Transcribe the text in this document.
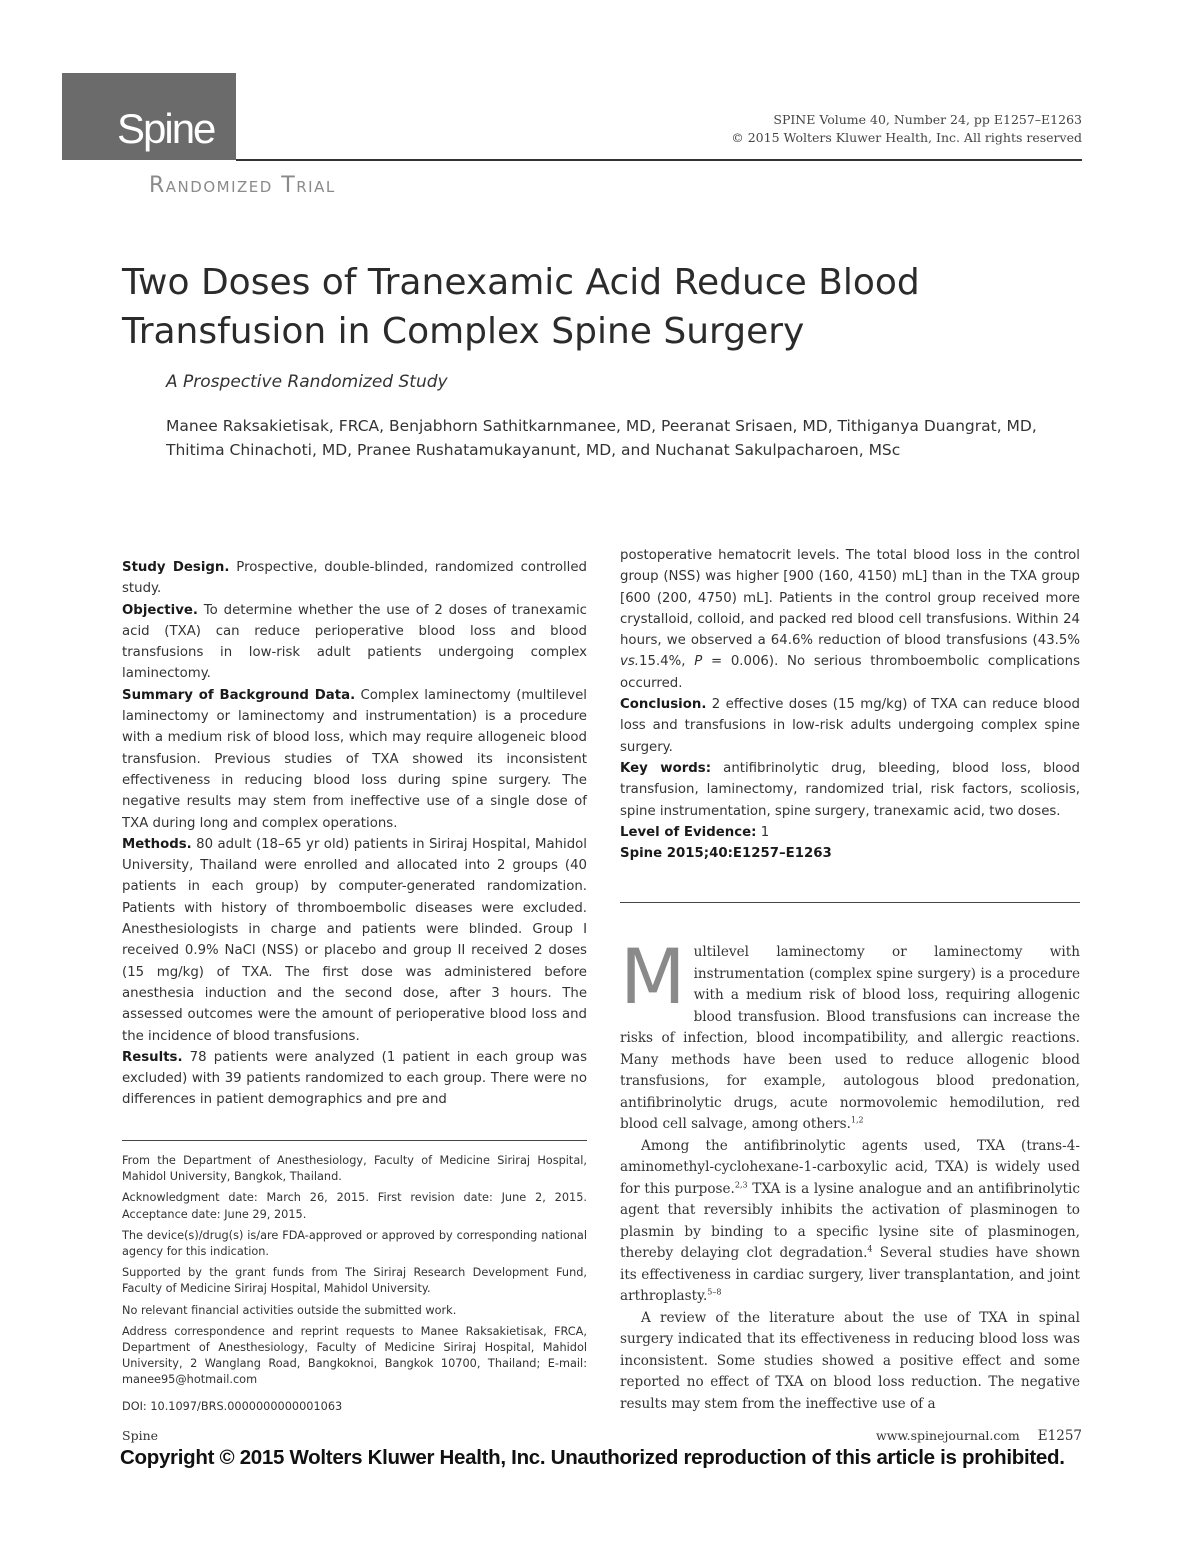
Spine	SPINE Volume 40, Number 24, pp E1257–E1263
© 2015 Wolters Kluwer Health, Inc. All rights reserved
Randomized Trial
Two Doses of Tranexamic Acid Reduce Blood Transfusion in Complex Spine Surgery
A Prospective Randomized Study

Manee Raksakietisak, FRCA, Benjabhorn Sathitkarnmanee, MD, Peeranat Srisaen, MD, Tithiganya Duangrat, MD, Thitima Chinachoti, MD, Pranee Rushatamukayanunt, MD, and Nuchanat Sakulpacharoen, MSc

Study Design. Prospective, double-blinded, randomized controlled study.

Objective. To determine whether the use of 2 doses of tranexamic acid (TXA) can reduce perioperative blood loss and blood transfusions in low-risk adult patients undergoing complex laminectomy.

Summary of Background Data. Complex laminectomy (multilevel laminectomy or laminectomy and instrumentation) is a procedure with a medium risk of blood loss, which may require allogeneic blood transfusion. Previous studies of TXA showed its inconsistent effectiveness in reducing blood loss during spine surgery. The negative results may stem from ineffective use of a single dose of TXA during long and complex operations.

Methods. 80 adult (18–65 yr old) patients in Siriraj Hospital, Mahidol University, Thailand were enrolled and allocated into 2 groups (40 patients in each group) by computer-generated randomization. Patients with history of thromboembolic diseases were excluded. Anesthesiologists in charge and patients were blinded. Group I received 0.9% NaCl (NSS) or placebo and group II received 2 doses (15 mg/kg) of TXA. The first dose was administered before anesthesia induction and the second dose, after 3 hours. The assessed outcomes were the amount of perioperative blood loss and the incidence of blood transfusions.

Results. 78 patients were analyzed (1 patient in each group was excluded) with 39 patients randomized to each group. There were no differences in patient demographics and pre and

postoperative hematocrit levels. The total blood loss in the control group (NSS) was higher [900 (160, 4150) mL] than in the TXA group [600 (200, 4750) mL]. Patients in the control group received more crystalloid, colloid, and packed red blood cell transfusions. Within 24 hours, we observed a 64.6% reduction of blood transfusions (43.5% vs.15.4%, P = 0.006). No serious thromboembolic complications occurred.

Conclusion. 2 effective doses (15 mg/kg) of TXA can reduce blood loss and transfusions in low-risk adults undergoing complex spine surgery.

Key words: antifibrinolytic drug, bleeding, blood loss, blood transfusion, laminectomy, randomized trial, risk factors, scoliosis, spine instrumentation, spine surgery, tranexamic acid, two doses.

Level of Evidence: 1

Spine 2015;40:E1257–E1263

From the Department of Anesthesiology, Faculty of Medicine Siriraj Hospital, Mahidol University, Bangkok, Thailand.

Acknowledgment date: March 26, 2015. First revision date: June 2, 2015. Acceptance date: June 29, 2015.

The device(s)/drug(s) is/are FDA-approved or approved by corresponding national agency for this indication.

Supported by the grant funds from The Siriraj Research Development Fund, Faculty of Medicine Siriraj Hospital, Mahidol University.

No relevant financial activities outside the submitted work.

Address correspondence and reprint requests to Manee Raksakietisak, FRCA, Department of Anesthesiology, Faculty of Medicine Siriraj Hospital, Mahidol University, 2 Wanglang Road, Bangkoknoi, Bangkok 10700, Thailand; E-mail: manee95@hotmail.com

DOI: 10.1097/BRS.0000000000001063

Multilevel laminectomy or laminectomy with instrumentation (complex spine surgery) is a procedure with a medium risk of blood loss, requiring allogenic blood transfusion. Blood transfusions can increase the risks of infection, blood incompatibility, and allergic reactions. Many methods have been used to reduce allogenic blood transfusions, for example, autologous blood predonation, antifibrinolytic drugs, acute normovolemic hemodilution, red blood cell salvage, among others.$^{1,2}$

Among the antifibrinolytic agents used, TXA (trans-4-aminomethyl-cyclohexane-1-carboxylic acid, TXA) is widely used for this purpose.$^{2,3}$ TXA is a lysine analogue and an antifibrinolytic agent that reversibly inhibits the activation of plasminogen to plasmin by binding to a specific lysine site of plasminogen, thereby delaying clot degradation.$^4$ Several studies have shown its effectiveness in cardiac surgery, liver transplantation, and joint arthroplasty.$^{5-8}$

A review of the literature about the use of TXA in spinal surgery indicated that its effectiveness in reducing blood loss was inconsistent. Some studies showed a positive effect and some reported no effect of TXA on blood loss reduction. The negative results may stem from the ineffective use of a

Spine	www.spinejournal.com E1257
Copyright © 2015 Wolters Kluwer Health, Inc. Unauthorized reproduction of this article is prohibited.
